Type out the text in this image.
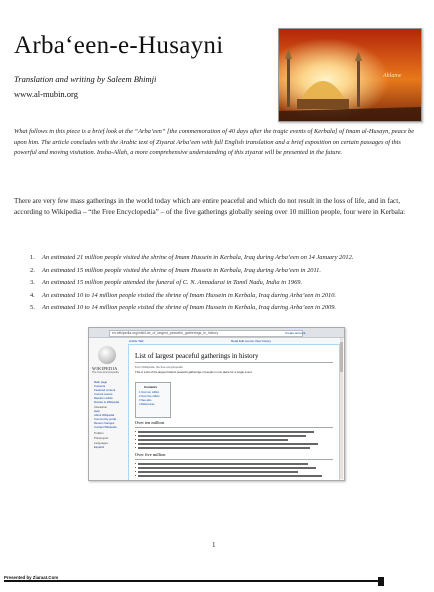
Arba‘een-e-Husayni
Translation and writing by Saleem Bhimji
www.al-mubin.org
Ahlanw
What follows in this piece is a brief look at the “Arba’een” [the commemoration of 40 days after the tragic events of Kerbala] of Imam al-Husayn, peace be upon him. The article concludes with the Arabic text of Ziyarat Arba’een with full English translation and a brief exposition on certain passages of this powerful and moving visitation. Insha-Allah, a more comprehensive understanding of this ziyarat will be presented in the future.
There are very few mass gatherings in the world today which are entire peaceful and which do not result in the loss of life, and in fact, according to Wikipedia – “the Free Encyclopedia” – of the five gatherings globally seeing over 10 million people, four were in Kerbala:
1. An estimated 21 million people visited the shrine of Imam Hussein in Kerbala, Iraq during Arba’een on 14 January 2012.
2. An estimated 15 million people visited the shrine of Imam Hussein in Kerbala, Iraq during Arba’een in 2011.
3. An estimated 15 million people attended the funeral of C. N. Annadurai in Tamil Nadu, India in 1969.
4. An estimated 10 to 14 million people visited the shrine of Imam Hussein in Kerbala, Iraq during Arba’een in 2010.
5. An estimated 10 to 14 million people visited the shrine of Imam Hussein in Kerbala, Iraq during Arba’een in 2009.
en.wikipedia.org/wiki/List_of_largest_peaceful_gatherings_in_history
WIKIPEDIA
The Free Encyclopedia
Main page
Contents
Featured content
Current events
Random article
Donate to Wikipedia
Interaction
Help
About Wikipedia
Community portal
Recent changes
Contact Wikipedia
Toolbox
Print/export
Languages
Español
Create account
Article Talk	Read Edit source View history
List of largest peaceful gatherings in history
From Wikipedia, the free encyclopedia
This is a list of the largest historic peaceful gatherings of people in one place for a single event.
Contents
1 Over ten million
2 Over five million
3 See also
4 References
Over ten million
Over five million
1
Presented by Ziaraat.Com
